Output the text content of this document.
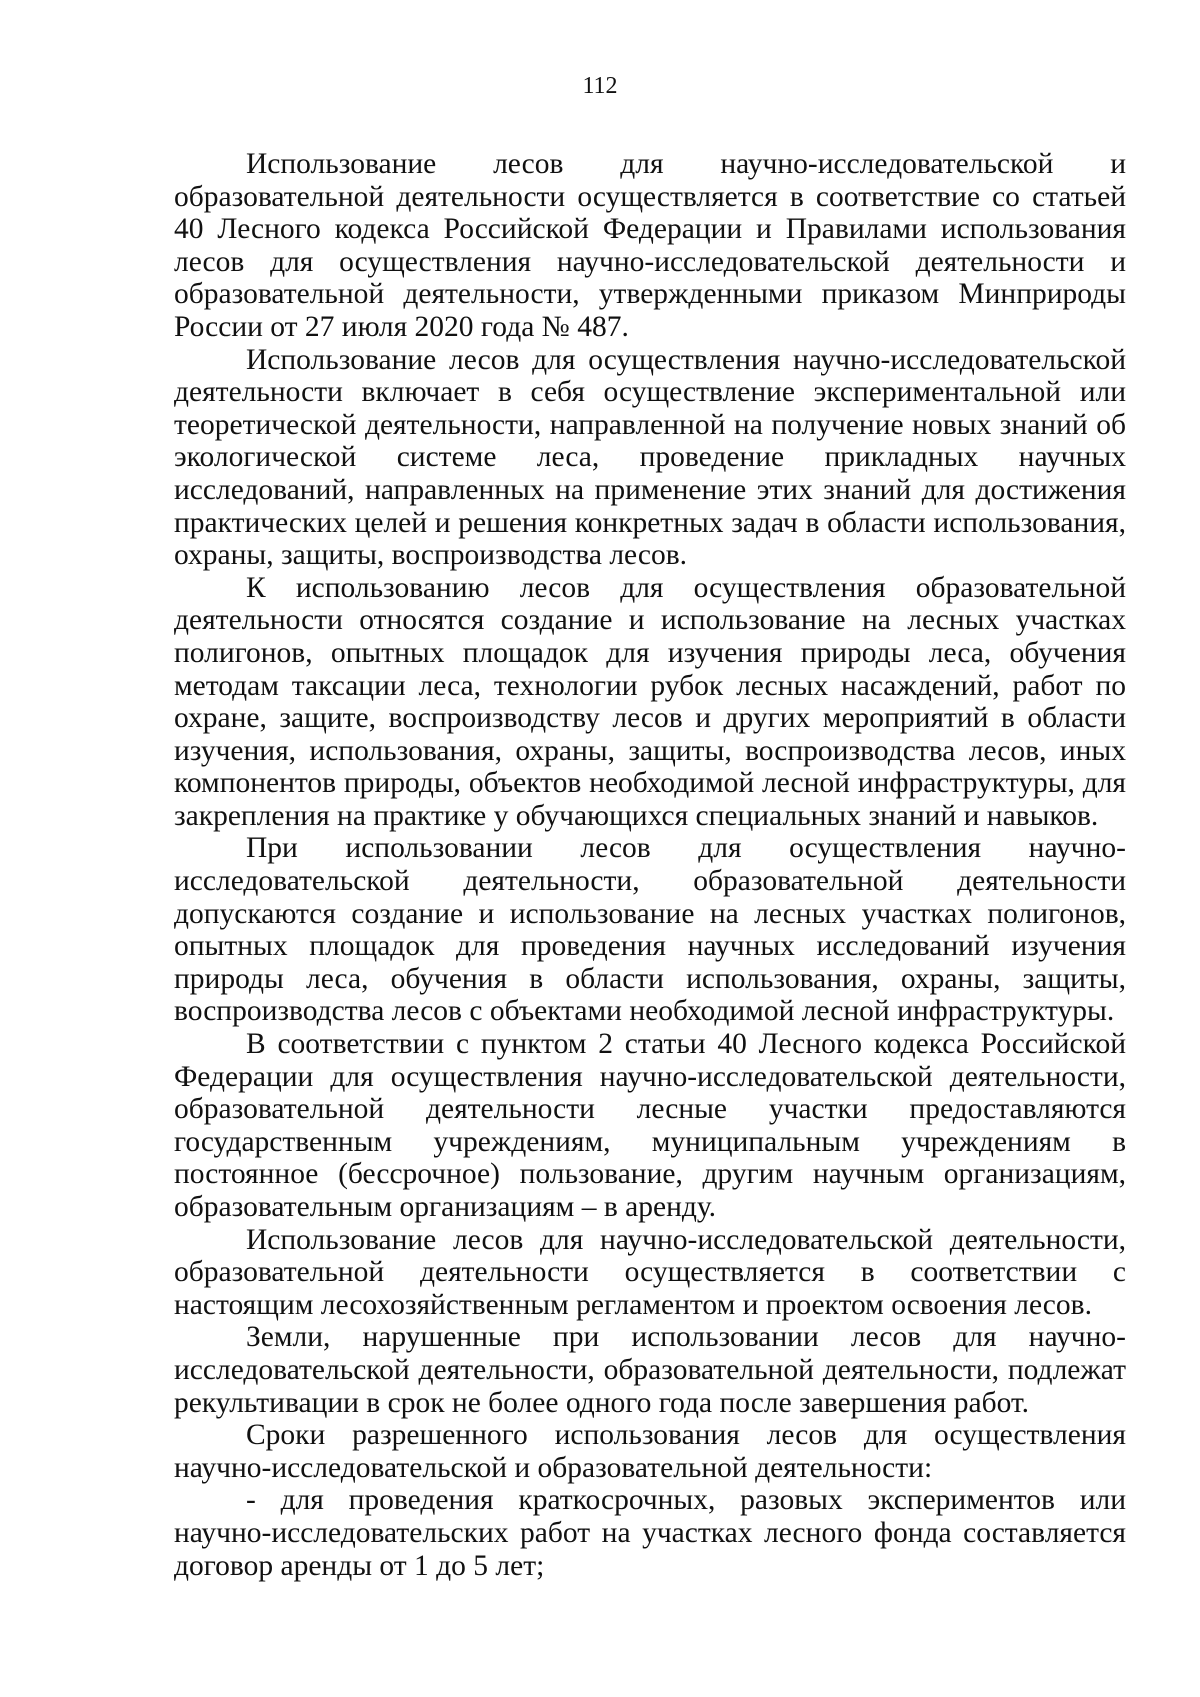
112

Использование лесов для научно-исследовательской и образовательной деятельности осуществляется в соответствие со статьей 40 Лесного кодекса Российской Федерации и Правилами использования лесов для осуществления научно-исследовательской деятельности и образовательной деятельности, утвержденными приказом Минприроды России от 27 июля 2020 года № 487.

Использование лесов для осуществления научно-исследовательской деятельности включает в себя осуществление экспериментальной или теоретической деятельности, направленной на получение новых знаний об экологической системе леса, проведение прикладных научных исследований, направленных на применение этих знаний для достижения практических целей и решения конкретных задач в области использования, охраны, защиты, воспроизводства лесов.

К использованию лесов для осуществления образовательной деятельности относятся создание и использование на лесных участках полигонов, опытных площадок для изучения природы леса, обучения методам таксации леса, технологии рубок лесных насаждений, работ по охране, защите, воспроизводству лесов и других мероприятий в области изучения, использования, охраны, защиты, воспроизводства лесов, иных компонентов природы, объектов необходимой лесной инфраструктуры, для закрепления на практике у обучающихся специальных знаний и навыков.

При использовании лесов для осуществления научно-исследовательской деятельности, образовательной деятельности допускаются создание и использование на лесных участках полигонов, опытных площадок для проведения научных исследований изучения природы леса, обучения в области использования, охраны, защиты, воспроизводства лесов с объектами необходимой лесной инфраструктуры.

В соответствии с пунктом 2 статьи 40 Лесного кодекса Российской Федерации для осуществления научно-исследовательской деятельности, образовательной деятельности лесные участки предоставляются государственным учреждениям, муниципальным учреждениям в постоянное (бессрочное) пользование, другим научным организациям, образовательным организациям – в аренду.

Использование лесов для научно-исследовательской деятельности, образовательной деятельности осуществляется в соответствии с настоящим лесохозяйственным регламентом и проектом освоения лесов.

Земли, нарушенные при использовании лесов для научно-исследовательской деятельности, образовательной деятельности, подлежат рекультивации в срок не более одного года после завершения работ.

Сроки разрешенного использования лесов для осуществления научно-исследовательской и образовательной деятельности:

- для проведения краткосрочных, разовых экспериментов или научно-исследовательских работ на участках лесного фонда составляется договор аренды от 1 до 5 лет;
